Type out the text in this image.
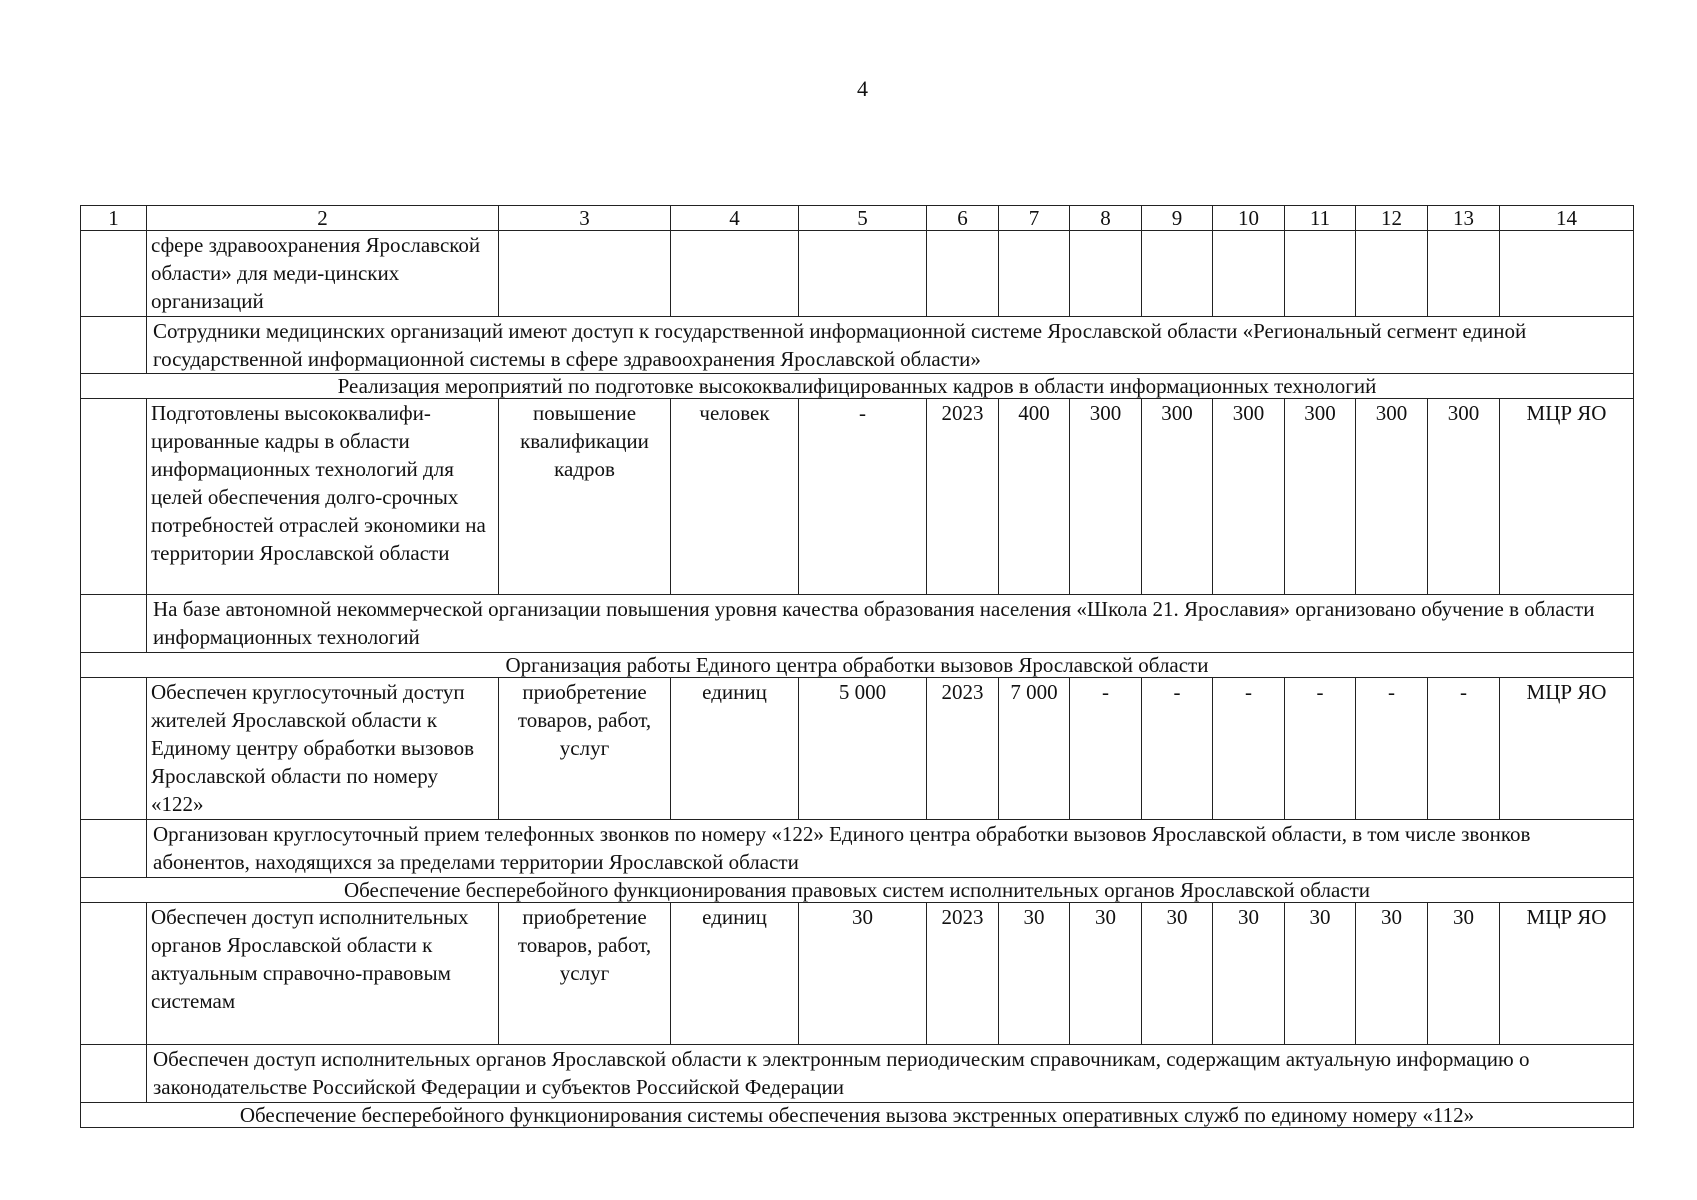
4
1	2	3	4	5	6	7	8	9	10	11	12	13	14
	сфере здравоохранения Ярославской области» для меди-цинских организаций												
	Сотрудники медицинских организаций имеют доступ к государственной информационной системе Ярославской области «Региональный сегмент единой государственной информационной системы в сфере здравоохранения Ярославской области»												
Реализация мероприятий по подготовке высококвалифицированных кадров в области информационных технологий													
	Подготовлены высококвалифи-цированные кадры в области информационных технологий для целей обеспечения долго-срочных потребностей отраслей экономики на территории Ярославской области	повышение квалификации кадров	человек	-	2023	400	300	300	300	300	300	300	МЦР ЯО
	На базе автономной некоммерческой организации повышения уровня качества образования населения «Школа 21. Ярославия» организовано обучение в области информационных технологий												
Организация работы Единого центра обработки вызовов Ярославской области													
	Обеспечен круглосуточный доступ жителей Ярославской области к Единому центру обработки вызовов Ярославской области по номеру «122»	приобретение товаров, работ, услуг	единиц	5 000	2023	7 000	-	-	-	-	-	-	МЦР ЯО
	Организован круглосуточный прием телефонных звонков по номеру «122» Единого центра обработки вызовов Ярославской области, в том числе звонков абонентов, находящихся за пределами территории Ярославской области												
Обеспечение бесперебойного функционирования правовых систем исполнительных органов Ярославской области													
	Обеспечен доступ исполнительных органов Ярославской области к актуальным справочно-правовым системам	приобретение товаров, работ, услуг	единиц	30	2023	30	30	30	30	30	30	30	МЦР ЯО
	Обеспечен доступ исполнительных органов Ярославской области к электронным периодическим справочникам, содержащим актуальную информацию о законодательстве Российской Федерации и субъектов Российской Федерации												
Обеспечение бесперебойного функционирования системы обеспечения вызова экстренных оперативных служб по единому номеру «112»													
